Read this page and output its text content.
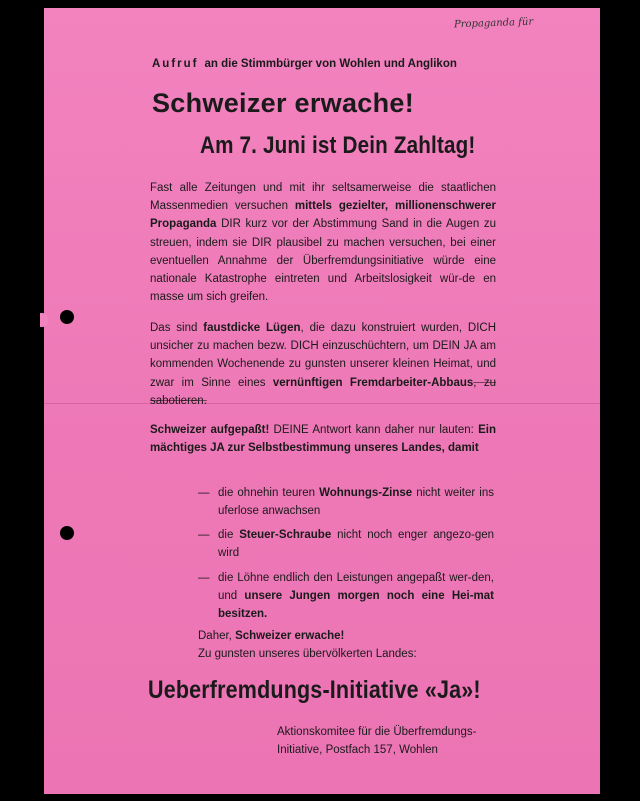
Propaganda für
Aufruf an die Stimmbürger von Wohlen und Anglikon
Schweizer erwache!
Am 7. Juni ist Dein Zahltag!
Fast alle Zeitungen und mit ihr seltsamerweise die staatlichen Massenmedien versuchen mittels gezielter, millionenschwerer Propaganda DIR kurz vor der Abstimmung Sand in die Augen zu streuen, indem sie DIR plausibel zu machen versuchen, bei einer eventuellen Annahme der Überfremdungsinitiative würde eine nationale Katastrophe eintreten und Arbeitslosigkeit wür-de en masse um sich greifen.
Das sind faustdicke Lügen, die dazu konstruiert wurden, DICH unsicher zu machen bezw. DICH einzuschüchtern, um DEIN JA am kommenden Wochenende zu gunsten unserer kleinen Heimat, und zwar im Sinne eines vernünftigen Fremdarbeiter-Abbaus, zu sabotieren.
Schweizer aufgepaßt! DEINE Antwort kann daher nur lauten: Ein mächtiges JA zur Selbstbestimmung unseres Landes, damit
— die ohnehin teuren Wohnungs-Zinse nicht weiter ins uferlose anwachsen
— die Steuer-Schraube nicht noch enger angezo-gen wird
— die Löhne endlich den Leistungen angepaßt wer-den, und unsere Jungen morgen noch eine Hei-mat besitzen.
Daher, Schweizer erwache!
Zu gunsten unseres übervölkerten Landes:
Ueberfremdungs-Initiative «Ja»!
Aktionskomitee für die Überfremdungs-
Initiative, Postfach 157, Wohlen
